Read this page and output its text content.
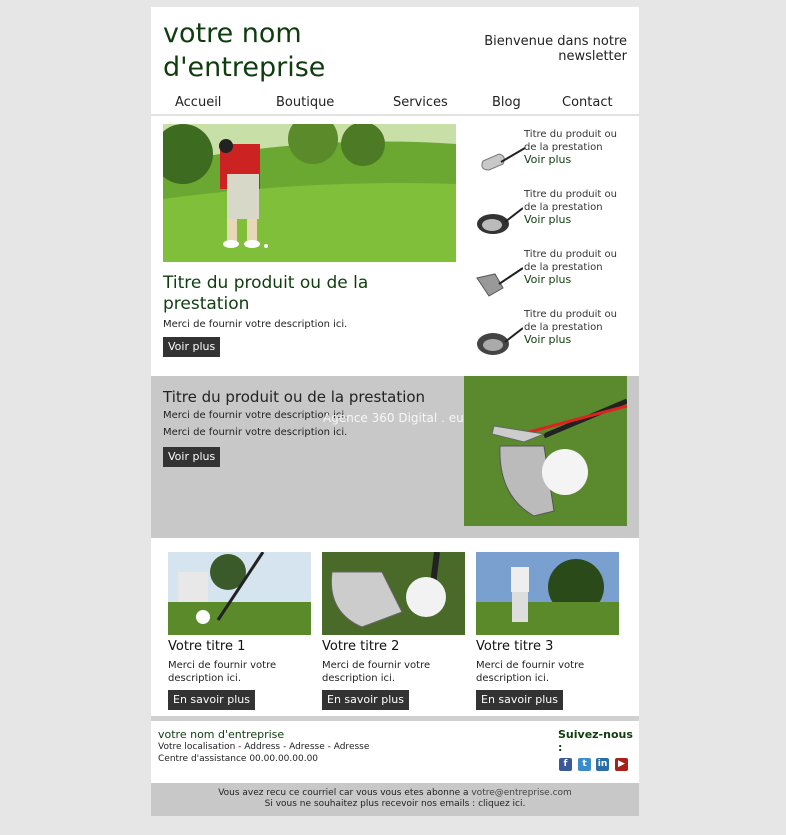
votre nom
d'entreprise
Bienvenue dans notre
newsletter
Accueil	Boutique	Services	Blog	Contact
Titre du produit ou de la
prestation
Merci de fournir votre description ici.
Voir plus
Titre du produit ou
de la prestation
Voir plus
Titre du produit ou
de la prestation
Voir plus
Titre du produit ou
de la prestation
Voir plus
Titre du produit ou
de la prestation
Voir plus
Titre du produit ou de la prestation
Merci de fournir votre description ici.
Merci de fournir votre description ici.
Agence 360 Digital . eu
Voir plus
Votre titre 1
Merci de fournir votre
description ici.
En savoir plus
Votre titre 2
Merci de fournir votre
description ici.
En savoir plus
Votre titre 3
Merci de fournir votre
description ici.
En savoir plus
votre nom d'entreprise
Votre localisation - Address - Adresse - Adresse
Centre d'assistance 00.00.00.00.00
Suivez-nous
:
f	t	in	▶
Vous avez recu ce courriel car vous vous etes abonne a votre@entreprise.com
Si vous ne souhaitez plus recevoir nos emails : cliquez ici.
